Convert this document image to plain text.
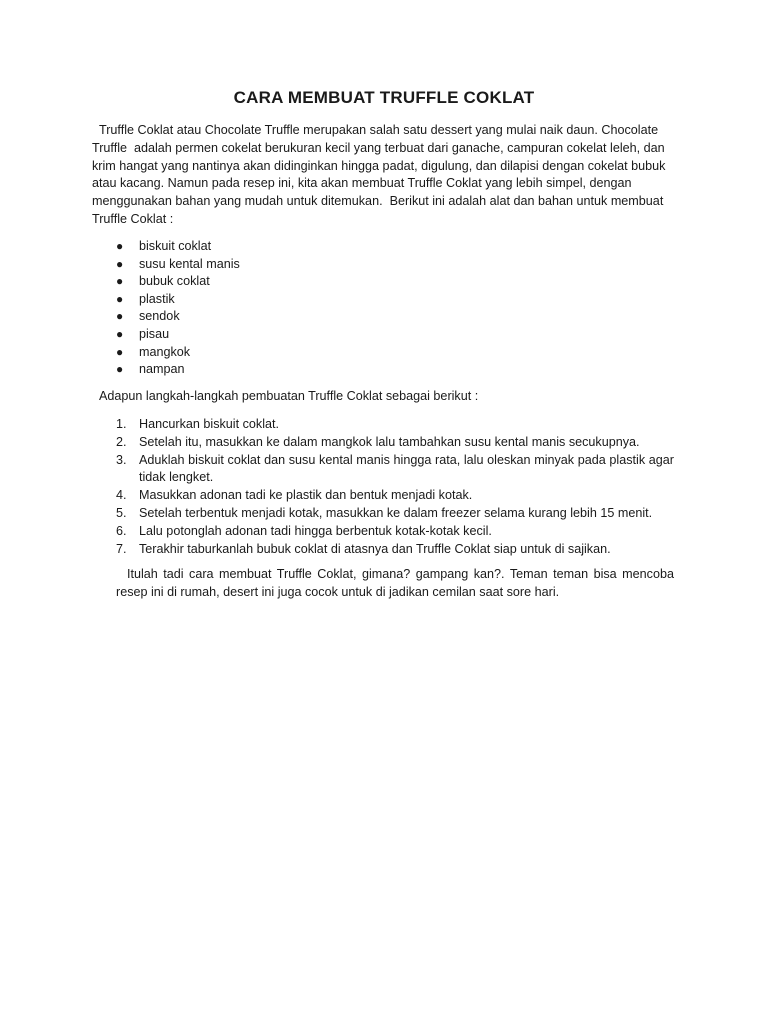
CARA MEMBUAT TRUFFLE COKLAT

Truffle Coklat atau Chocolate Truffle merupakan salah satu dessert yang mulai naik daun. Chocolate Truffle  adalah permen cokelat berukuran kecil yang terbuat dari ganache, campuran cokelat leleh, dan krim hangat yang nantinya akan didinginkan hingga padat, digulung, dan dilapisi dengan cokelat bubuk atau kacang. Namun pada resep ini, kita akan membuat Truffle Coklat yang lebih simpel, dengan menggunakan bahan yang mudah untuk ditemukan.  Berikut ini adalah alat dan bahan untuk membuat Truffle Coklat :

● biskuit coklat
● susu kental manis
● bubuk coklat
● plastik
● sendok
● pisau
● mangkok
● nampan

Adapun langkah-langkah pembuatan Truffle Coklat sebagai berikut :

1. Hancurkan biskuit coklat.
2. Setelah itu, masukkan ke dalam mangkok lalu tambahkan susu kental manis secukupnya.
3. Aduklah biskuit coklat dan susu kental manis hingga rata, lalu oleskan minyak pada plastik agar tidak lengket.
4. Masukkan adonan tadi ke plastik dan bentuk menjadi kotak.
5. Setelah terbentuk menjadi kotak, masukkan ke dalam freezer selama kurang lebih 15 menit.
6. Lalu potonglah adonan tadi hingga berbentuk kotak-kotak kecil.
7. Terakhir taburkanlah bubuk coklat di atasnya dan Truffle Coklat siap untuk di sajikan.

Itulah tadi cara membuat Truffle Coklat, gimana? gampang kan?. Teman teman bisa mencoba resep ini di rumah, desert ini juga cocok untuk di jadikan cemilan saat sore hari.
